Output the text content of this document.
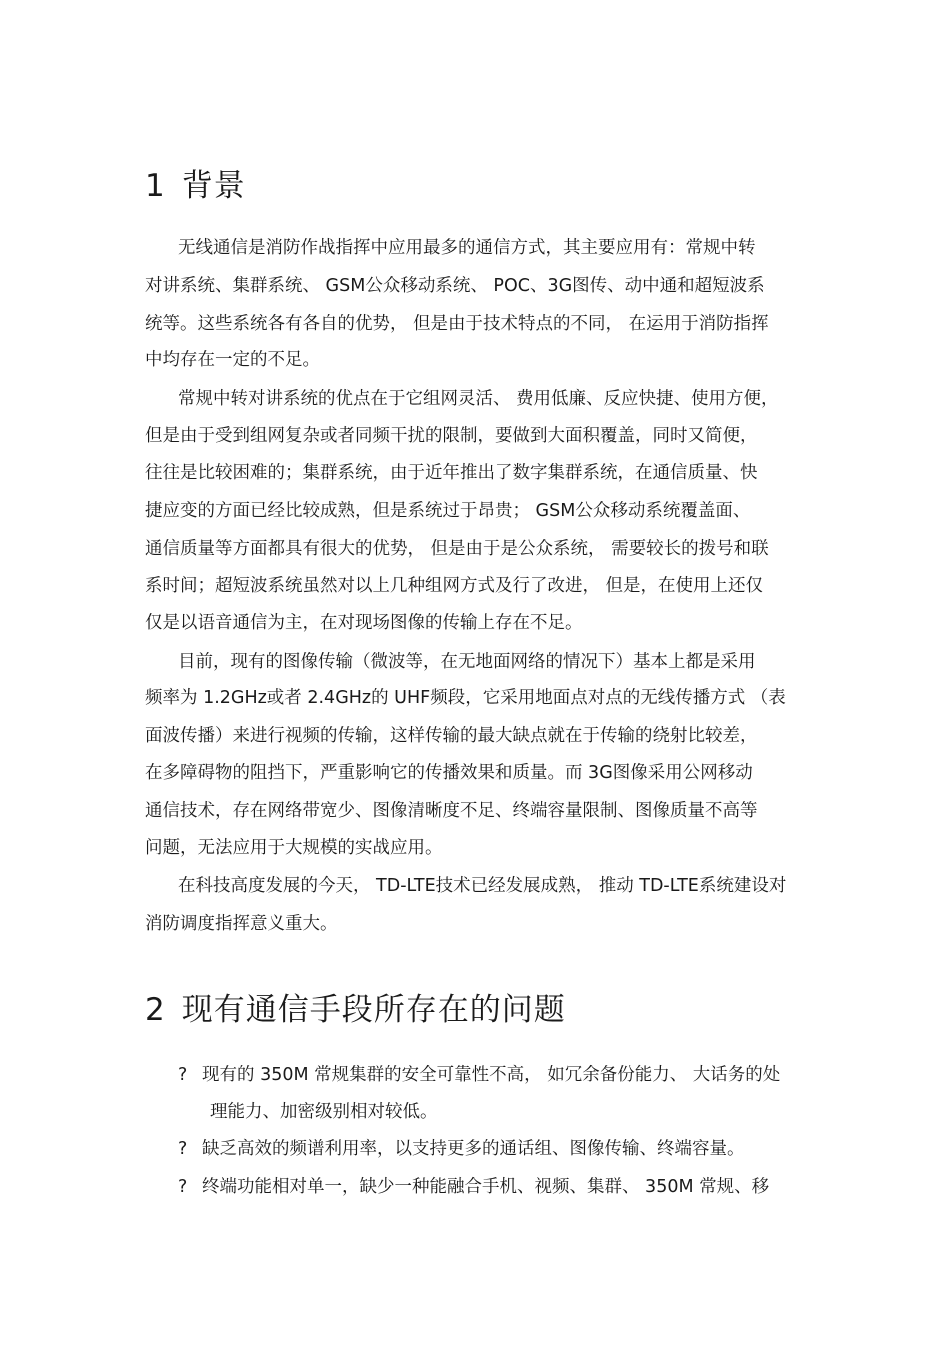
1 背景

无线通信是消防作战指挥中应用最多的通信方式，其主要应用有：常规中转

对讲系统、集群系统、 GSM公众移动系统、 POC、3G图传、动中通和超短波系

统等。这些系统各有各自的优势， 但是由于技术特点的不同， 在运用于消防指挥

中均存在一定的不足。

常规中转对讲系统的优点在于它组网灵活、 费用低廉、反应快捷、使用方便，

但是由于受到组网复杂或者同频干扰的限制，要做到大面积覆盖，同时又简便，

往往是比较困难的；集群系统，由于近年推出了数字集群系统，在通信质量、快

捷应变的方面已经比较成熟，但是系统过于昂贵； GSM公众移动系统覆盖面、

通信质量等方面都具有很大的优势， 但是由于是公众系统， 需要较长的拨号和联

系时间；超短波系统虽然对以上几种组网方式及行了改进， 但是，在使用上还仅

仅是以语音通信为主，在对现场图像的传输上存在不足。

目前，现有的图像传输（微波等，在无地面网络的情况下）基本上都是采用

频率为 1.2GHz或者 2.4GHz的 UHF频段，它采用地面点对点的无线传播方式 （表

面波传播）来进行视频的传输，这样传输的最大缺点就在于传输的绕射比较差，

在多障碍物的阻挡下，严重影响它的传播效果和质量。而 3G图像采用公网移动

通信技术，存在网络带宽少、图像清晰度不足、终端容量限制、图像质量不高等

问题，无法应用于大规模的实战应用。

在科技高度发展的今天， TD-LTE技术已经发展成熟， 推动 TD-LTE系统建设对

消防调度指挥意义重大。

2 现有通信手段所存在的问题
? 现有的 350M 常规集群的安全可靠性不高， 如冗余备份能力、 大话务的处
理能力、加密级别相对较低。
? 缺乏高效的频谱利用率，以支持更多的通话组、图像传输、终端容量。
? 终端功能相对单一，缺少一种能融合手机、视频、集群、 350M 常规、移
